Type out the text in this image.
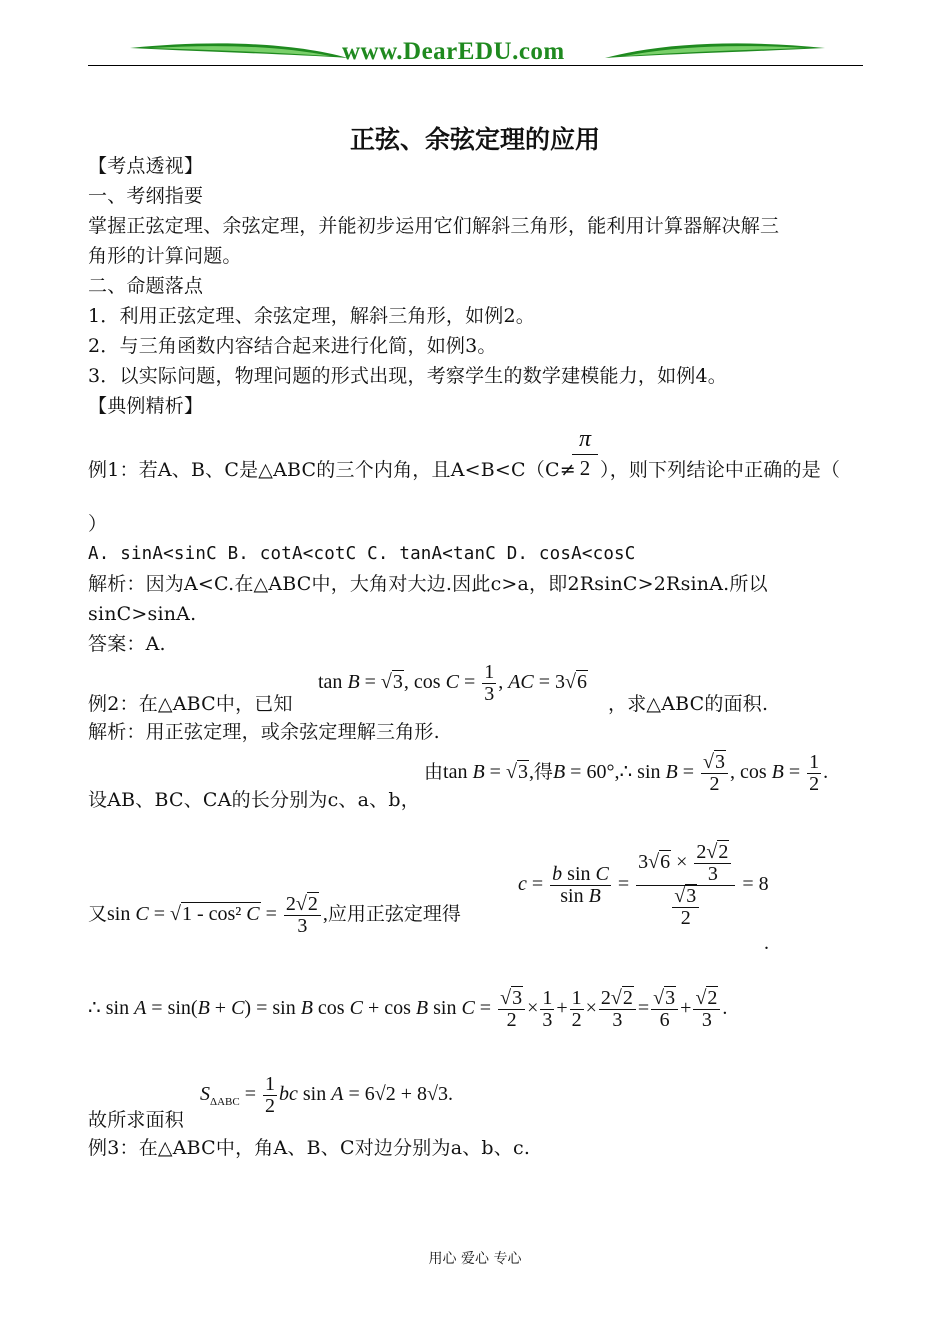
www.DearEDU.com
正弦、余弦定理的应用
【考点透视】
一、考纲指要
掌握正弦定理、余弦定理，并能初步运用它们解斜三角形，能利用计算器解决解三
角形的计算问题。
二、命题落点
1．利用正弦定理、余弦定理，解斜三角形，如例2。
2．与三角函数内容结合起来进行化简，如例3。
3．以实际问题，物理问题的形式出现，考察学生的数学建模能力，如例4。
【典例精析】
例1：若A、B、C是△ABC的三个内角，且A<B<C（C≠
π
2 ），则下列结论中正确的是（
）
A. sinA<sinC B. cotA<cotC C. tanA<tanC D. cosA<cosC
解析：因为A<C.在△ABC中，大角对大边.因此c>a，即2RsinC>2RsinA.所以
sinC>sinA.
答案：A.
tan B = √3, $\cos C = \frac{1}{3}$ , AC = 3√6
例2：在△ABC中，已知	，求△ABC的面积.
解析：用正弦定理，或余弦定理解三角形.
由tan B = √3,得B = 60°,∴ $\sin B = \frac{√3}{2}$ , $\cos B = \frac{1}{2}$ .
设AB、BC、CA的长分别为c、a、b，
又sin C = √1 - cos² $C = \frac{2√2}{3}$ ,应用正弦定理得
$c = \frac{\text{b sin C}}{\text{sin B}} = \frac{3√6 \times \frac{2√2}{3}}{\frac{√3}{2}} = 8$
.
∴ sin A = sin(B + C) = sin B cos C + cos B $\sin C = \frac{√3}{2} \times \frac{1}{3} + \frac{1}{2} \times \frac{2√2}{3} = \frac{√3}{6} + \frac{√2}{3}$ .
$S_{\Delta ABC} = \frac{1}{2}$ bc sin A = 6√2 + 8√3.
故所求面积
例3：在△ABC中，角A、B、C对边分别为a、b、c.
用心 爱心 专心
